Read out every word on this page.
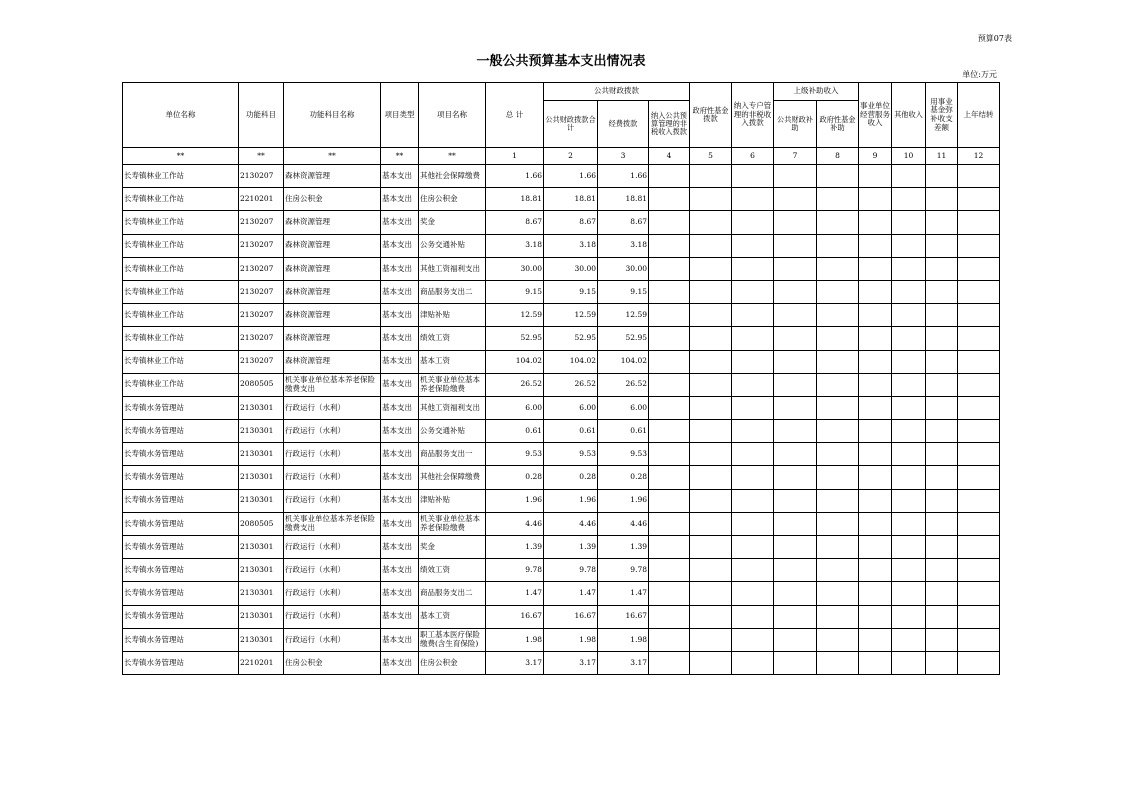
预算07表
一般公共预算基本支出情况表
单位:万元
单位名称	功能科目	功能科目名称	项目类型	项目名称	总 计	公共财政拨款			政府性基金拨款	纳入专户管理的非税收入拨款	上级补助收入		事业单位经营服务收入	其他收入	用事业基金弥补收支差额	上年结转
						公共财政拨款合计	经费拨款	纳入公共预算管理的非税收入拨款			公共财政补助	政府性基金补助				
**	**	**	**	**	1	2	3	4	5	6	7	8	9	10	11	12
长寿镇林业工作站	2130207	森林资源管理	基本支出	其他社会保障缴费	1.66	1.66	1.66									
长寿镇林业工作站	2210201	住房公积金	基本支出	住房公积金	18.81	18.81	18.81									
长寿镇林业工作站	2130207	森林资源管理	基本支出	奖金	8.67	8.67	8.67									
长寿镇林业工作站	2130207	森林资源管理	基本支出	公务交通补贴	3.18	3.18	3.18									
长寿镇林业工作站	2130207	森林资源管理	基本支出	其他工资福利支出	30.00	30.00	30.00									
长寿镇林业工作站	2130207	森林资源管理	基本支出	商品服务支出二	9.15	9.15	9.15									
长寿镇林业工作站	2130207	森林资源管理	基本支出	津贴补贴	12.59	12.59	12.59									
长寿镇林业工作站	2130207	森林资源管理	基本支出	绩效工资	52.95	52.95	52.95									
长寿镇林业工作站	2130207	森林资源管理	基本支出	基本工资	104.02	104.02	104.02									
长寿镇林业工作站	2080505	机关事业单位基本养老保险缴费支出	基本支出	机关事业单位基本养老保险缴费	26.52	26.52	26.52									
长寿镇水务管理站	2130301	行政运行（水利）	基本支出	其他工资福利支出	6.00	6.00	6.00									
长寿镇水务管理站	2130301	行政运行（水利）	基本支出	公务交通补贴	0.61	0.61	0.61									
长寿镇水务管理站	2130301	行政运行（水利）	基本支出	商品服务支出一	9.53	9.53	9.53									
长寿镇水务管理站	2130301	行政运行（水利）	基本支出	其他社会保障缴费	0.28	0.28	0.28									
长寿镇水务管理站	2130301	行政运行（水利）	基本支出	津贴补贴	1.96	1.96	1.96									
长寿镇水务管理站	2080505	机关事业单位基本养老保险缴费支出	基本支出	机关事业单位基本养老保险缴费	4.46	4.46	4.46									
长寿镇水务管理站	2130301	行政运行（水利）	基本支出	奖金	1.39	1.39	1.39									
长寿镇水务管理站	2130301	行政运行（水利）	基本支出	绩效工资	9.78	9.78	9.78									
长寿镇水务管理站	2130301	行政运行（水利）	基本支出	商品服务支出二	1.47	1.47	1.47									
长寿镇水务管理站	2130301	行政运行（水利）	基本支出	基本工资	16.67	16.67	16.67									
长寿镇水务管理站	2130301	行政运行（水利）	基本支出	职工基本医疗保险缴费(含生育保险)	1.98	1.98	1.98									
长寿镇水务管理站	2210201	住房公积金	基本支出	住房公积金	3.17	3.17	3.17									
